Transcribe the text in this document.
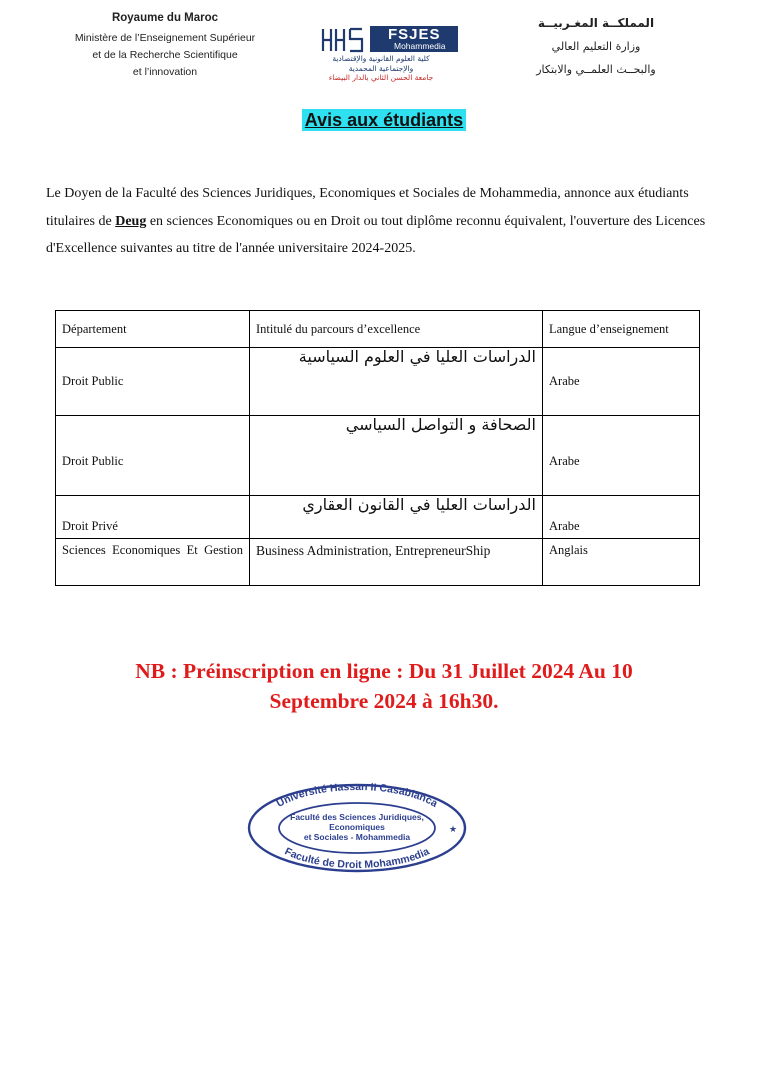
Royaume du Maroc
Ministère de l’Enseignement Supérieur
et de la Recherche Scientifique
et l’innovation
FSJES
Mohammedia
كلية العلوم القانونية والإقتصادية
والإجتماعية المحمدية
جامعة الحسن الثاني بالدار البيضاء
المملكــة المغـربيــة
وزارة التعليم العالي
والبحــث العلمــي والابتكار
Avis aux étudiants

Le Doyen de la Faculté des Sciences Juridiques, Economiques et Sociales de Mohammedia, annonce aux étudiants titulaires de Deug en sciences Economiques ou en Droit ou tout diplôme reconnu équivalent, l'ouverture des Licences d'Excellence suivantes au titre de l'année universitaire 2024-2025.

Département	Intitulé du parcours d’excellence	Langue d’enseignement
Droit Public	الدراسات العليا في العلوم السياسية	Arabe
Droit Public	الصحافة و التواصل السياسي	Arabe
Droit Privé	الدراسات العليا في القانون العقاري	Arabe
Sciences Economiques Et Gestion	Business Administration, EntrepreneurShip	Anglais
NB : Préinscription en ligne : Du 31 Juillet 2024 Au 10
Septembre 2024 à 16h30.
Université Hassan II Casablanca
Faculté de Droit Mohammedia
Faculté des Sciences Juridiques,
Economiques
et Sociales - Mohammedia
★
